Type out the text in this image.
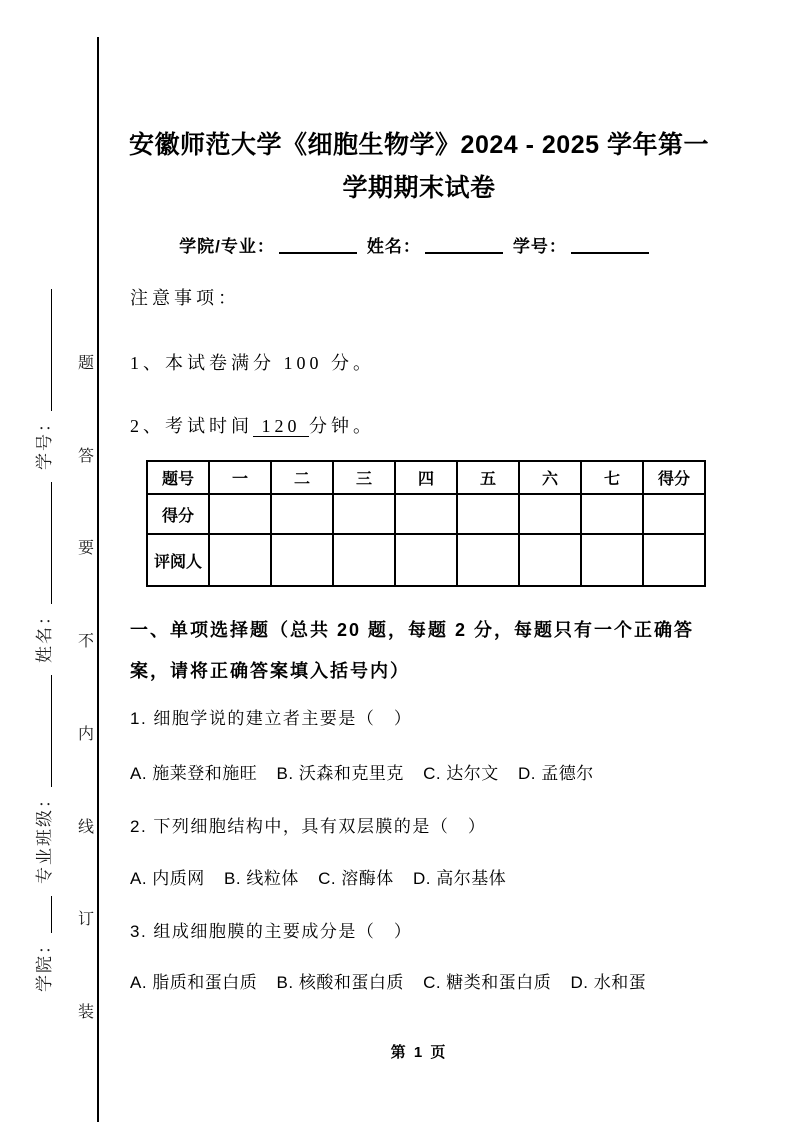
学院：专业班级：姓名：学号：
题
答
要
不
内
线
订
装
安徽师范大学《细胞生物学》2024 - 2025 学年第一学期期末试卷
学院/专业：	姓名：	学号：
注意事项：
1、本试卷满分 100 分。
2、考试时间 120 分钟。
题号	一	二	三	四	五	六	七	得分
得分								
评阅人								
一、单项选择题（总共 20 题，每题 2 分，每题只有一个正确答案，请将正确答案填入括号内）
1. 细胞学说的建立者主要是（　）
A. 施莱登和施旺 B. 沃森和克里克 C. 达尔文 D. 孟德尔
2. 下列细胞结构中，具有双层膜的是（　）
A. 内质网 B. 线粒体 C. 溶酶体 D. 高尔基体
3. 组成细胞膜的主要成分是（　）
A. 脂质和蛋白质 B. 核酸和蛋白质 C. 糖类和蛋白质 D. 水和蛋
第 1 页
